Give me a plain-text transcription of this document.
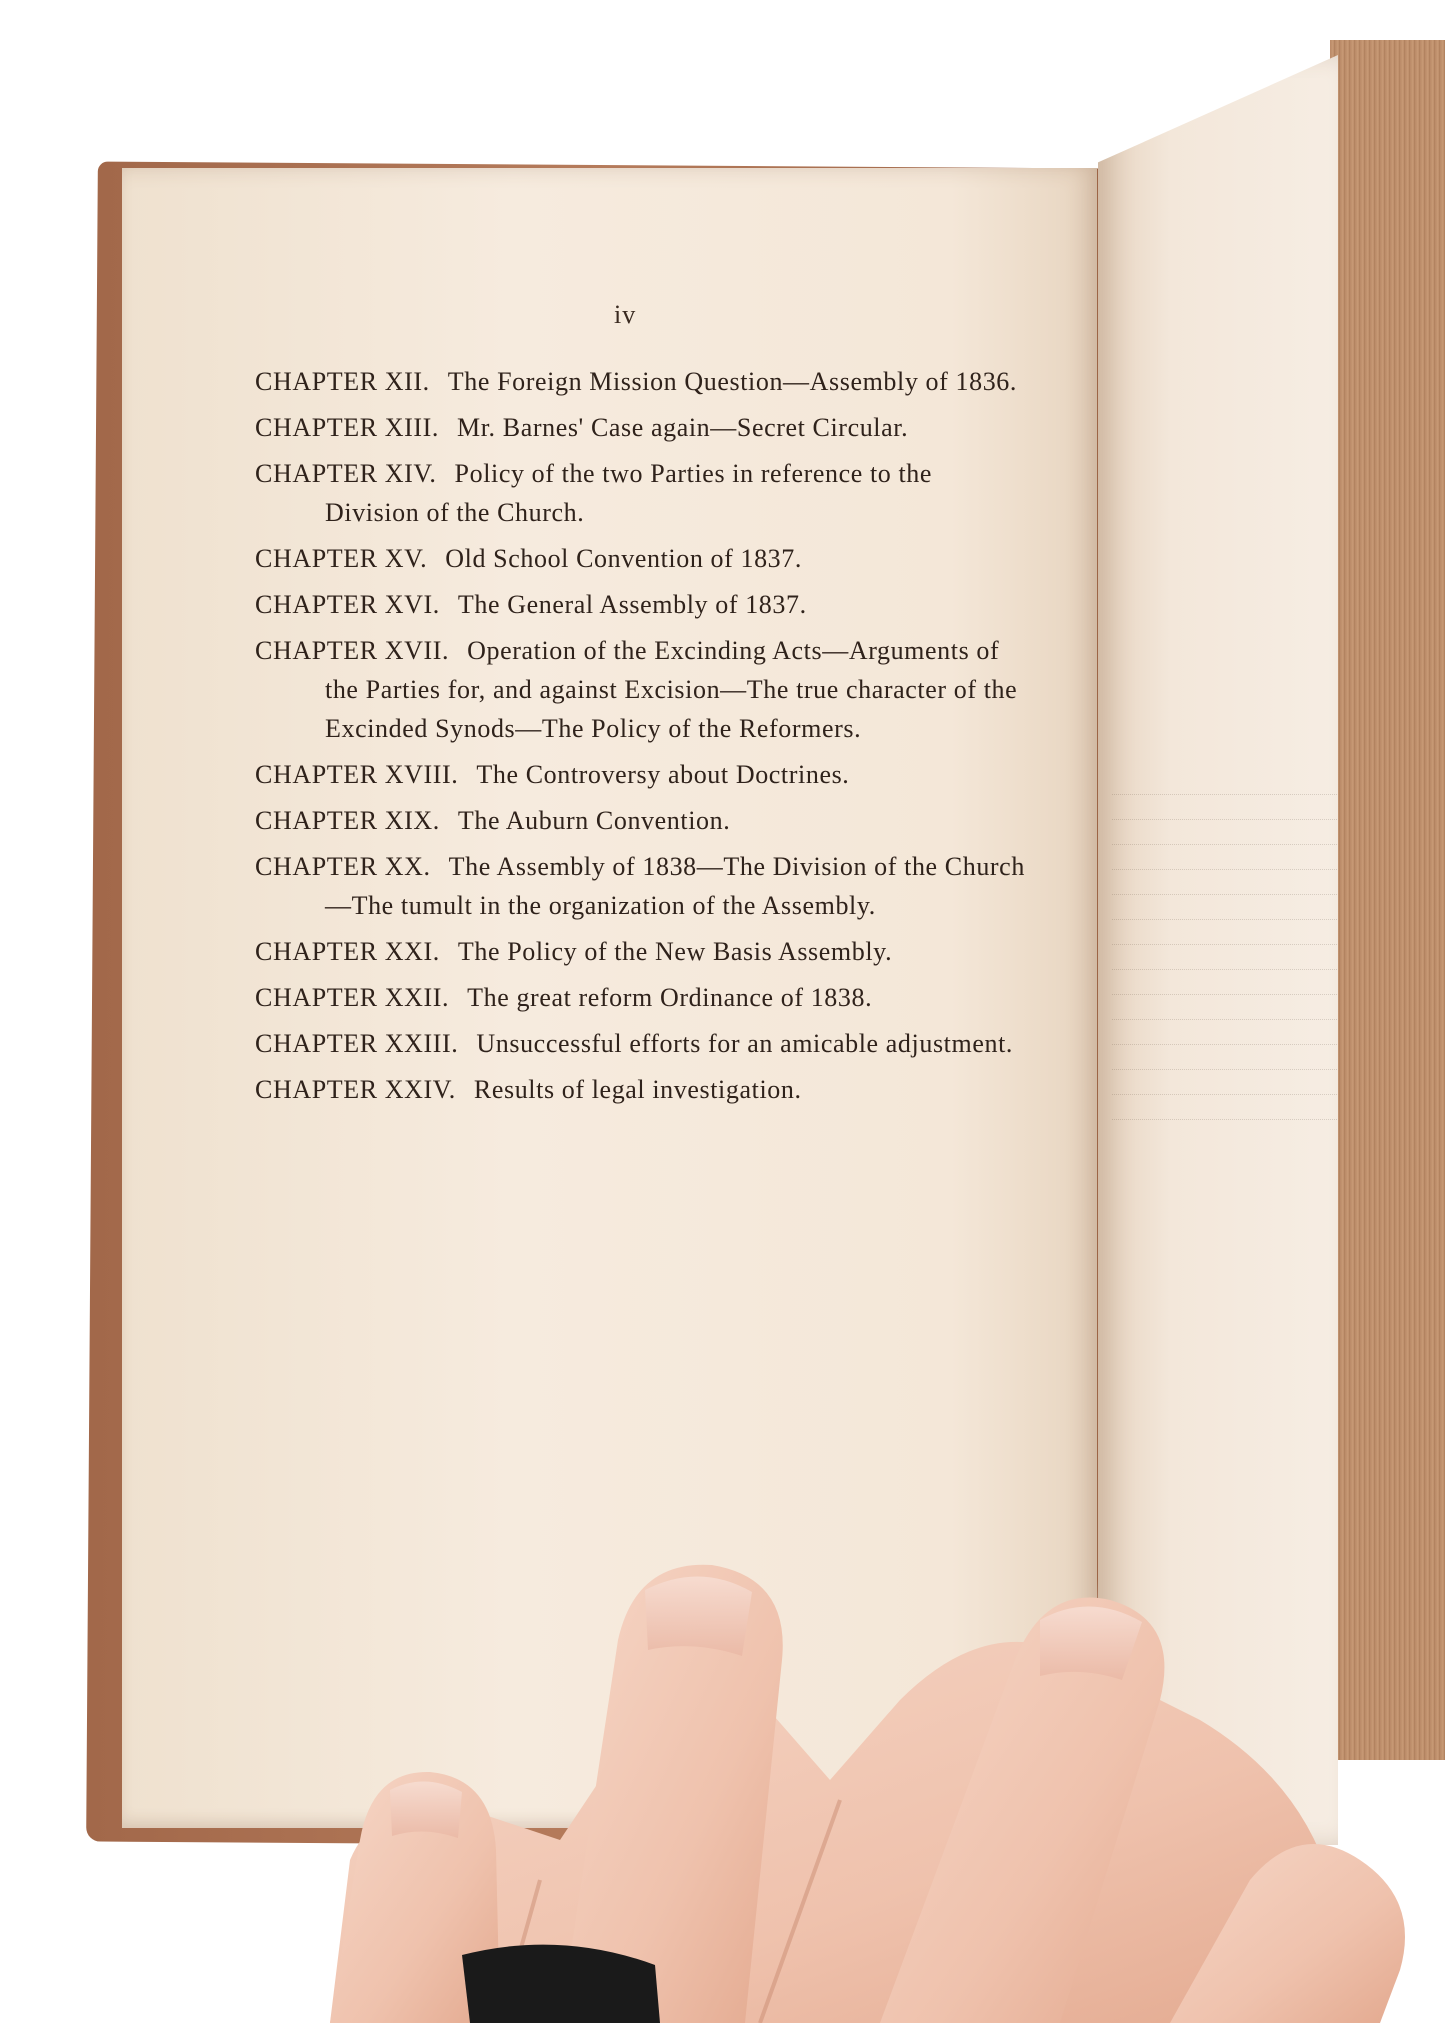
iv
CHAPTER XII. The Foreign Mission Question—Assembly of 1836.
CHAPTER XIII. Mr. Barnes' Case again—Secret Circular.
CHAPTER XIV. Policy of the two Parties in reference to the Division of the Church.
CHAPTER XV. Old School Convention of 1837.
CHAPTER XVI. The General Assembly of 1837.
CHAPTER XVII. Operation of the Excinding Acts—Arguments of the Parties for, and against Excision—The true character of the Excinded Synods—The Policy of the Reformers.
CHAPTER XVIII. The Controversy about Doctrines.
CHAPTER XIX. The Auburn Convention.
CHAPTER XX. The Assembly of 1838—The Division of the Church—The tumult in the organization of the Assembly.
CHAPTER XXI. The Policy of the New Basis Assembly.
CHAPTER XXII. The great reform Ordinance of 1838.
CHAPTER XXIII. Unsuccessful efforts for an amicable adjustment.
CHAPTER XXIV. Results of legal investigation.
